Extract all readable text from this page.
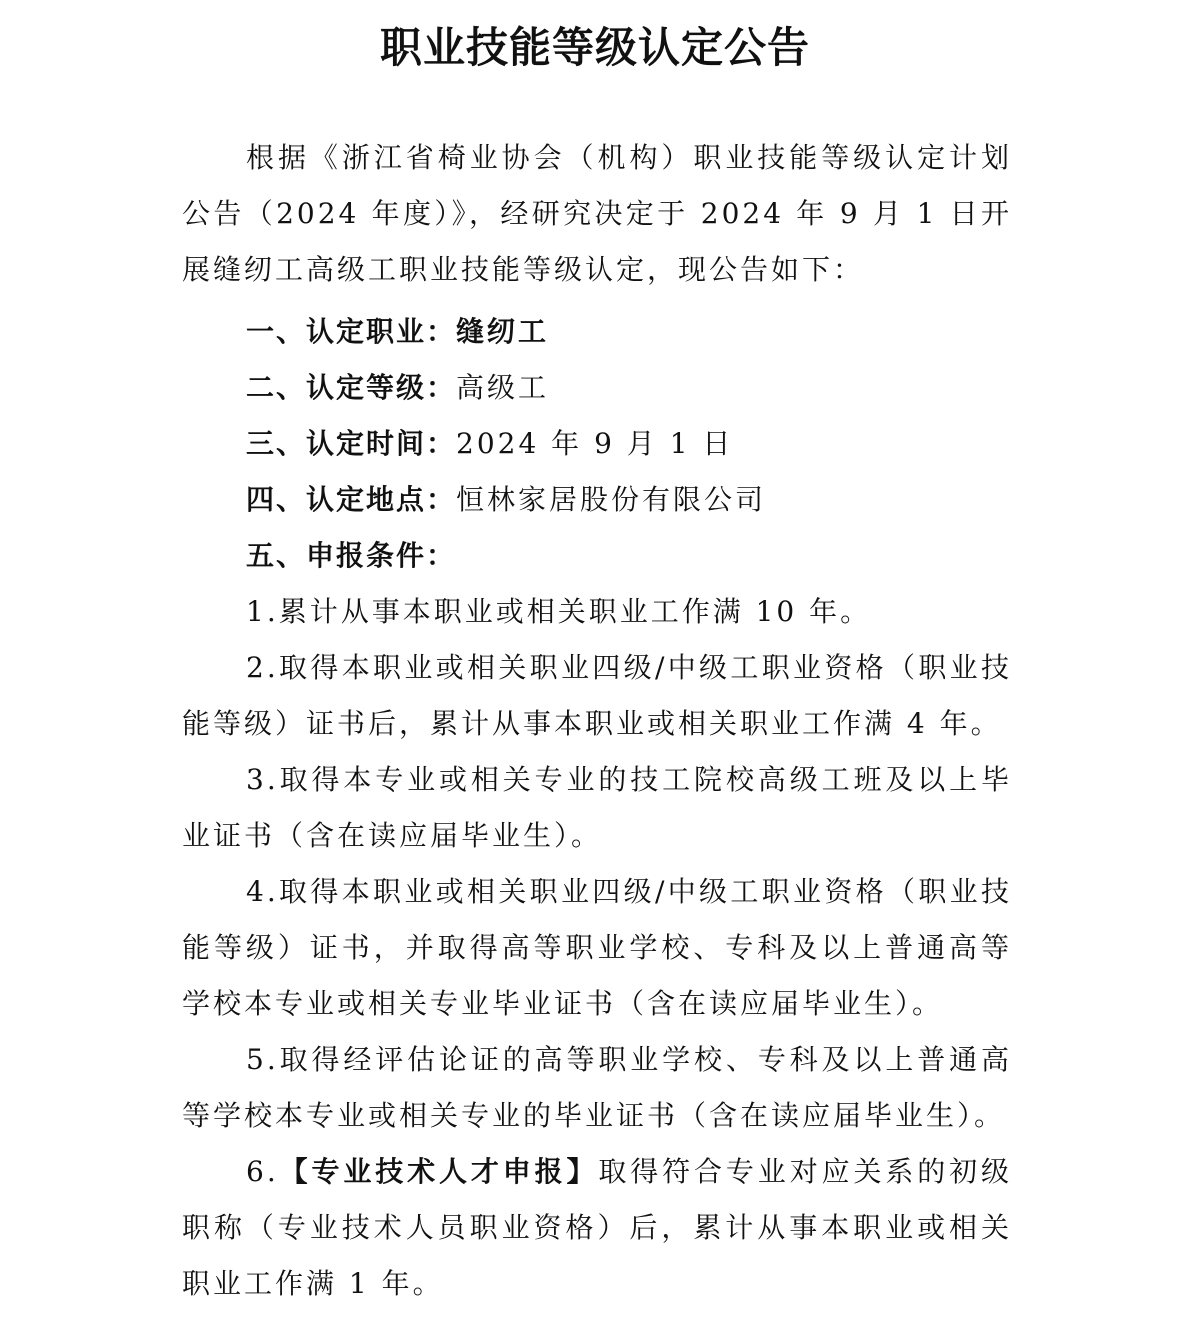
职业技能等级认定公告

根据《浙江省椅业协会（机构）职业技能等级认定计划公告（2024 年度）》，经研究决定于 2024 年 9 月 1 日开展缝纫工高级工职业技能等级认定，现公告如下：

一、认定职业：缝纫工
二、认定等级：高级工
三、认定时间：2024 年 9 月 1 日
四、认定地点：恒林家居股份有限公司
五、申报条件：

1.累计从事本职业或相关职业工作满 10 年。

2.取得本职业或相关职业四级/中级工职业资格（职业技能等级）证书后，累计从事本职业或相关职业工作满 4 年。

3.取得本专业或相关专业的技工院校高级工班及以上毕业证书（含在读应届毕业生）。

4.取得本职业或相关职业四级/中级工职业资格（职业技能等级）证书，并取得高等职业学校、专科及以上普通高等学校本专业或相关专业毕业证书（含在读应届毕业生）。

5.取得经评估论证的高等职业学校、专科及以上普通高等学校本专业或相关专业的毕业证书（含在读应届毕业生）。

6.【专业技术人才申报】取得符合专业对应关系的初级职称（专业技术人员职业资格）后，累计从事本职业或相关职业工作满 1 年。
